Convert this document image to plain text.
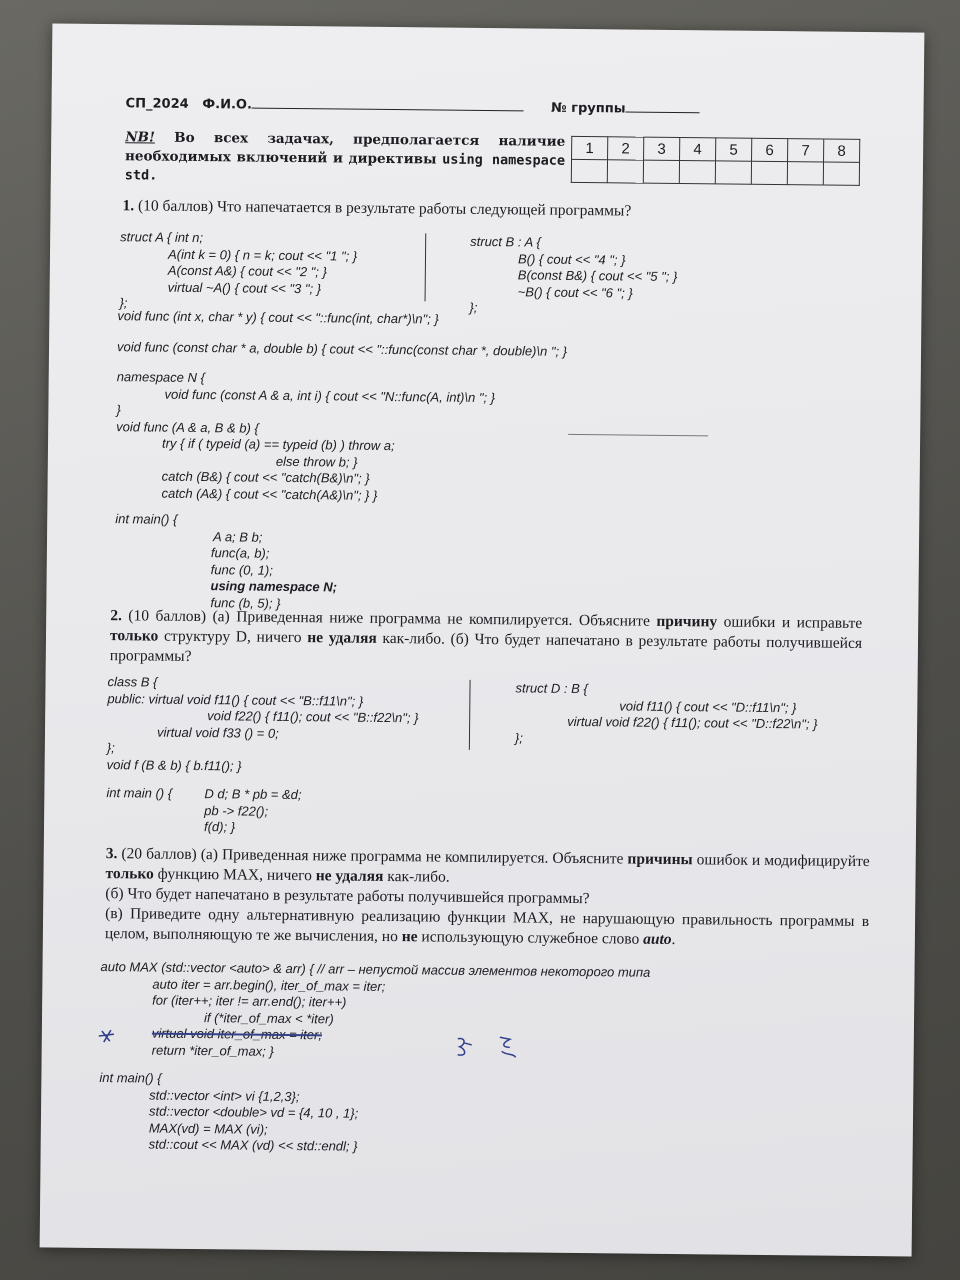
СП_2024 Ф.И.О.	№ группы
NB! Во всех задачах, предполагается наличие необходимых включений и директивы using namespace std.
1	2	3	4	5	6	7	8

1. (10 баллов) Что напечатается в результате работы следующей программы?
struct A { int n;
A(int k = 0) { n = k; cout << "1 "; }
A(const A&) { cout << "2 "; }
virtual ~A() { cout << "3 "; }
};
struct B : A {
B() { cout << "4 "; }
B(const B&) { cout << "5 "; }
~B() { cout << "6 "; }
};
void func (int x, char * y) { cout << "::func(int, char*)\n"; }
void func (const char * a, double b) { cout << "::func(const char *, double)\n "; }
namespace N {
void func (const A & a, int i) { cout << "N::func(A, int)\n "; }
}
void func (A & a, B & b) {
try { if ( typeid (a) == typeid (b) ) throw a;
else throw b; }
catch (B&) { cout << "catch(B&)\n"; }
catch (A&) { cout << "catch(A&)\n"; } }
int main() {
A a; B b;
func(a, b);
func (0, 1);
using namespace N;
func (b, 5); }
2. (10 баллов) (а) Приведенная ниже программа не компилируется. Объясните причину ошибки и исправьте только структуру D, ничего не удаляя как-либо. (б) Что будет напечатано в результате работы получившейся программы?
class B {
public: virtual void f11() { cout << "B::f11\n"; }
void f22() { f11(); cout << "B::f22\n"; }
virtual void f33 () = 0;
};
void f (B & b) { b.f11(); }
int main () {	D d; B * pb = &d;
pb -> f22();
f(d); }
struct D : B {
void f11() { cout << "D::f11\n"; }
virtual void f22() { f11(); cout << "D::f22\n"; }
};
3. (20 баллов) (а) Приведенная ниже программа не компилируется. Объясните причины ошибок и модифицируйте только функцию MAX, ничего не удаляя как-либо.
(б) Что будет напечатано в результате работы получившейся программы?
(в) Приведите одну альтернативную реализацию функции MAX, не нарушающую правильность программы в целом, выполняющую те же вычисления, но не использующую служебное слово auto.
auto MAX (std::vector <auto> & arr) { // arr – непустой массив элементов некоторого типа
auto iter = arr.begin(), iter_of_max = iter;
for (iter++; iter != arr.end(); iter++)
if (*iter_of_max < *iter)
virtual void iter_of_max = iter;
return *iter_of_max; }
int main() {
std::vector <int> vi {1,2,3};
std::vector <double> vd = {4, 10 , 1};
MAX(vd) = MAX (vi);
std::cout << MAX (vd) << std::endl; }
